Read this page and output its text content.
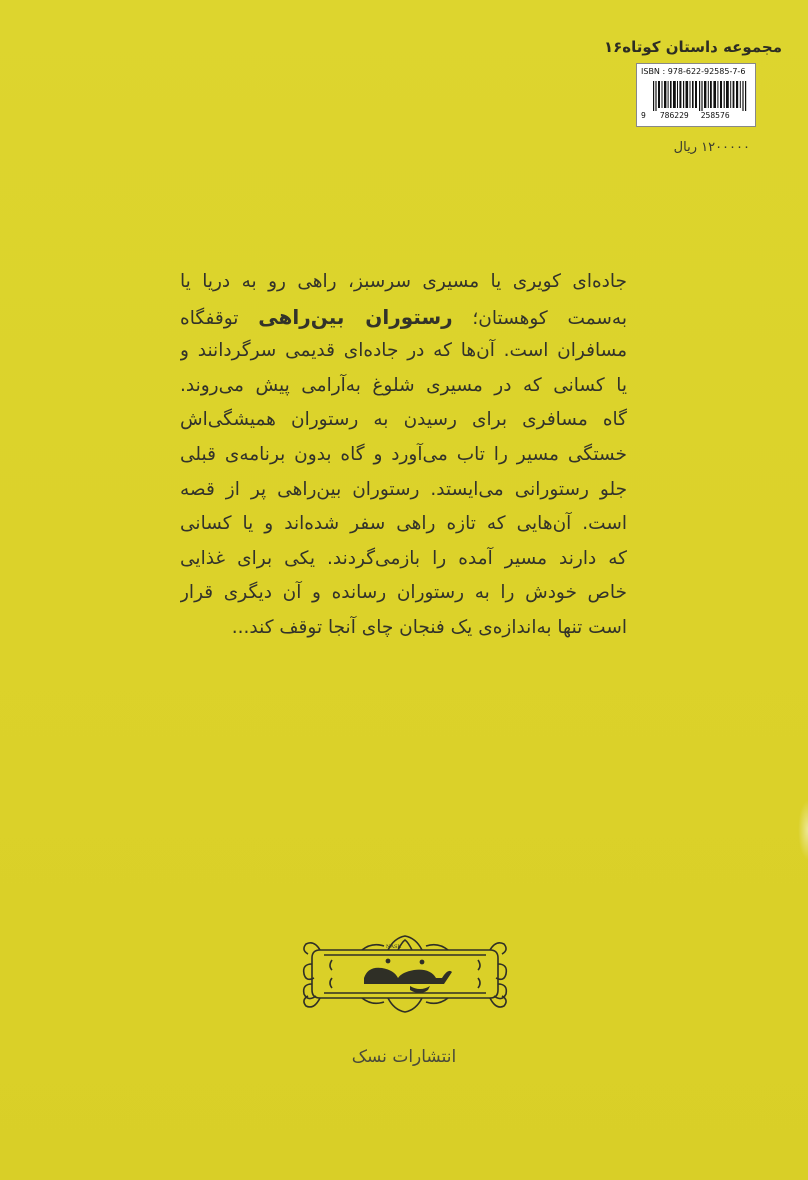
مجموعه داستان کوتاه۱۶
ISBN : 978-622-92585-7-6
9 786229 258576
۱۲۰۰۰۰۰ ریال
جاده‌ای کویری یا مسیری سرسبز، راهی رو به دریا یا
به‌سمت کوهستان؛ رستوران بین‌راهی توقفگاه
مسافران است. آن‌ها که در جاده‌ای قدیمی سرگردانند و
یا کسانی که در مسیری شلوغ به‌آرامی پیش می‌روند.
گاه مسافری برای رسیدن به رستوران همیشگی‌اش
خستگی مسیر را تاب می‌آورد و گاه بدون برنامه‌ی قبلی
جلو رستورانی می‌ایستد. رستوران بین‌راهی پر از قصه
است. آن‌هایی که تازه راهی سفر شده‌اند و یا کسانی
که دارند مسیر آمده را بازمی‌گردند. یکی برای غذایی
خاص خودش را به رستوران رسانده و آن دیگری قرار
است تنها به‌اندازه‌ی یک فنجان چای آنجا توقف کند...
NASK
انتشارات نسک
